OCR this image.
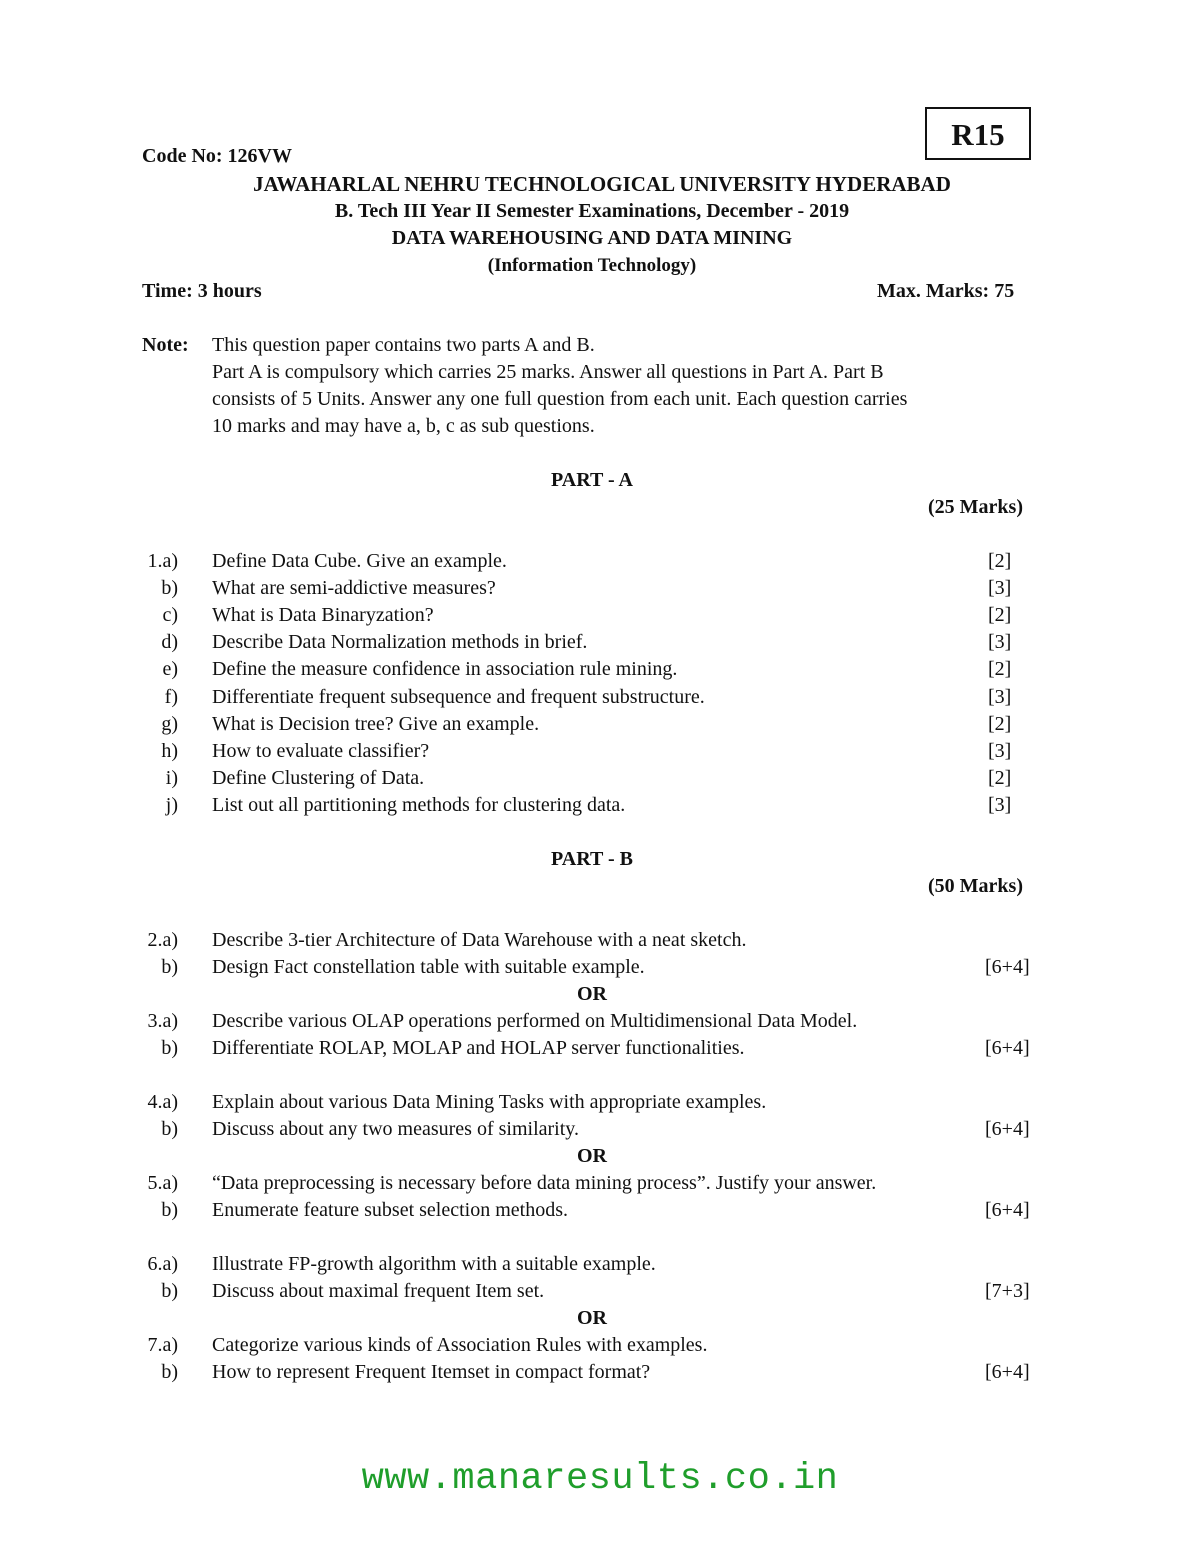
R15
Code No: 126VW
JAWAHARLAL NEHRU TECHNOLOGICAL UNIVERSITY HYDERABAD
B. Tech III Year II Semester Examinations, December - 2019
DATA WAREHOUSING AND DATA MINING
(Information Technology)
Time: 3 hours	Max. Marks: 75
Note: This question paper contains two parts A and B.
Part A is compulsory which carries 25 marks. Answer all questions in Part A. Part B
consists of 5 Units. Answer any one full question from each unit. Each question carries
10 marks and may have a, b, c as sub questions.
PART - A
(25 Marks)
1.a) Define Data Cube. Give an example.	[2]
b) What are semi-addictive measures?	[3]
c) What is Data Binaryzation?	[2]
d) Describe Data Normalization methods in brief.	[3]
e) Define the measure confidence in association rule mining.	[2]
f) Differentiate frequent subsequence and frequent substructure.	[3]
g) What is Decision tree? Give an example.	[2]
h) How to evaluate classifier?	[3]
i) Define Clustering of Data.	[2]
j) List out all partitioning methods for clustering data.	[3]
PART - B
(50 Marks)
2.a) Describe 3-tier Architecture of Data Warehouse with a neat sketch.
b) Design Fact constellation table with suitable example.	[6+4]
3.a) Describe various OLAP operations performed on Multidimensional Data Model.
b) Differentiate ROLAP, MOLAP and HOLAP server functionalities.	[6+4]
4.a) Explain about various Data Mining Tasks with appropriate examples.
b) Discuss about any two measures of similarity.	[6+4]
5.a) “Data preprocessing is necessary before data mining process”. Justify your answer.
b) Enumerate feature subset selection methods.	[6+4]
6.a) Illustrate FP-growth algorithm with a suitable example.
b) Discuss about maximal frequent Item set.	[7+3]
7.a) Categorize various kinds of Association Rules with examples.
b) How to represent Frequent Itemset in compact format?	[6+4]
OR
OR
OR
www.manaresults.co.in
